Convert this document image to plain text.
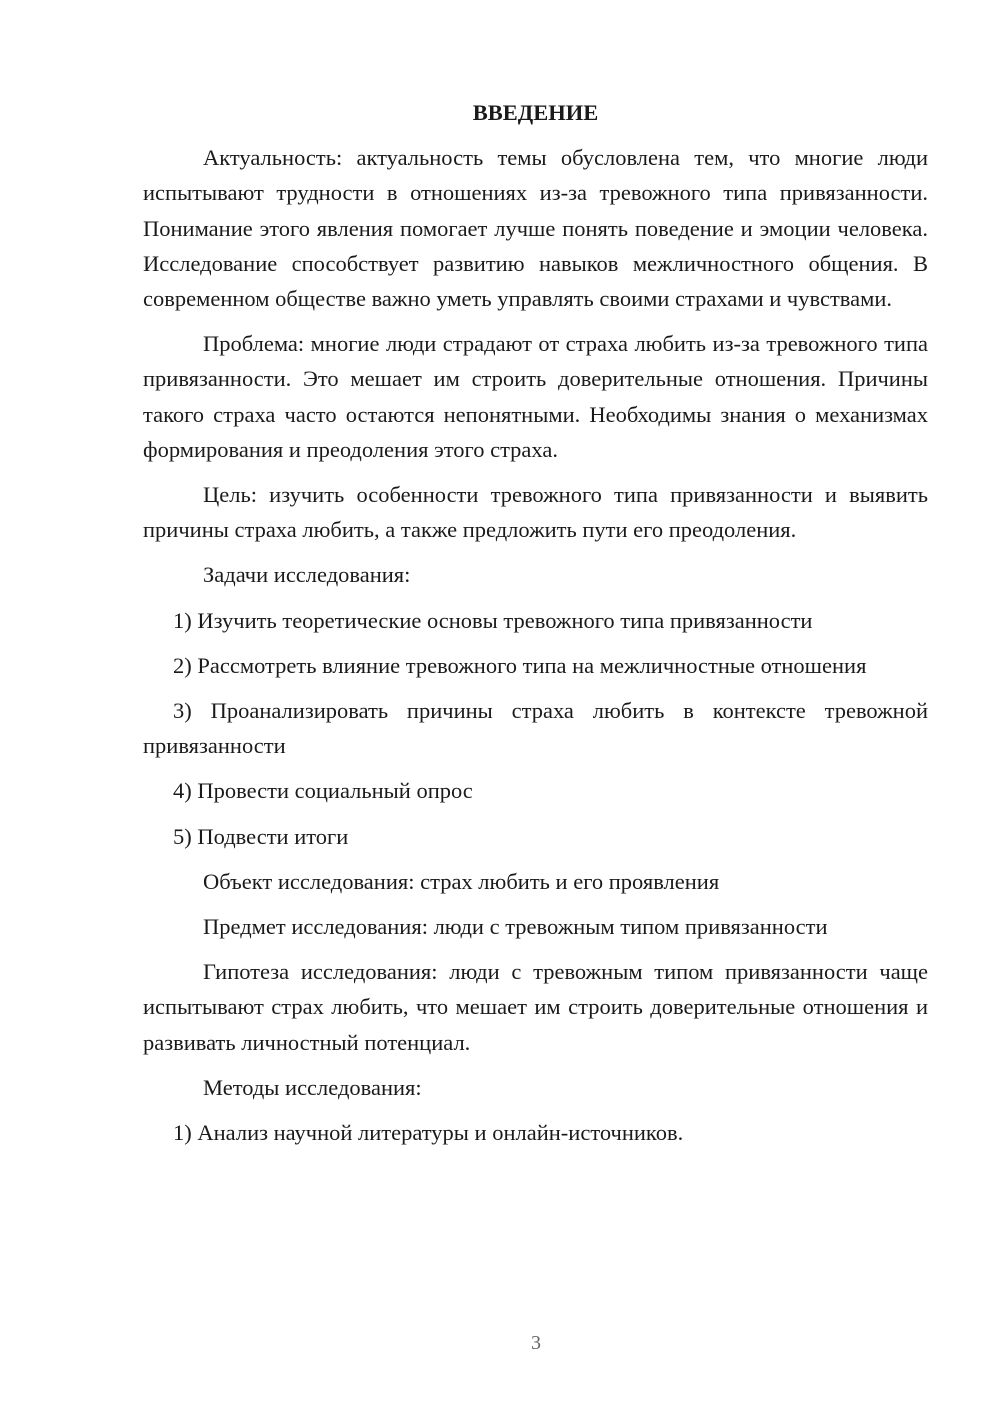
ВВЕДЕНИЕ

Актуальность: актуальность темы обусловлена тем, что многие люди испытывают трудности в отношениях из-за тревожного типа привязанности. Понимание этого явления помогает лучше понять поведение и эмоции человека. Исследование способствует развитию навыков межличностного общения. В современном обществе важно уметь управлять своими страхами и чувствами.

Проблема: многие люди страдают от страха любить из-за тревожного типа привязанности. Это мешает им строить доверительные отношения. Причины такого страха часто остаются непонятными. Необходимы знания о механизмах формирования и преодоления этого страха.

Цель: изучить особенности тревожного типа привязанности и выявить причины страха любить, а также предложить пути его преодоления.

Задачи исследования:

1) Изучить теоретические основы тревожного типа привязанности

2) Рассмотреть влияние тревожного типа на межличностные отношения

3) Проанализировать причины страха любить в контексте тревожной привязанности

4) Провести социальный опрос

5) Подвести итоги

Объект исследования: страх любить и его проявления

Предмет исследования: люди с тревожным типом привязанности

Гипотеза исследования: люди с тревожным типом привязанности чаще испытывают страх любить, что мешает им строить доверительные отношения и развивать личностный потенциал.

Методы исследования:

1) Анализ научной литературы и онлайн-источников.

3
